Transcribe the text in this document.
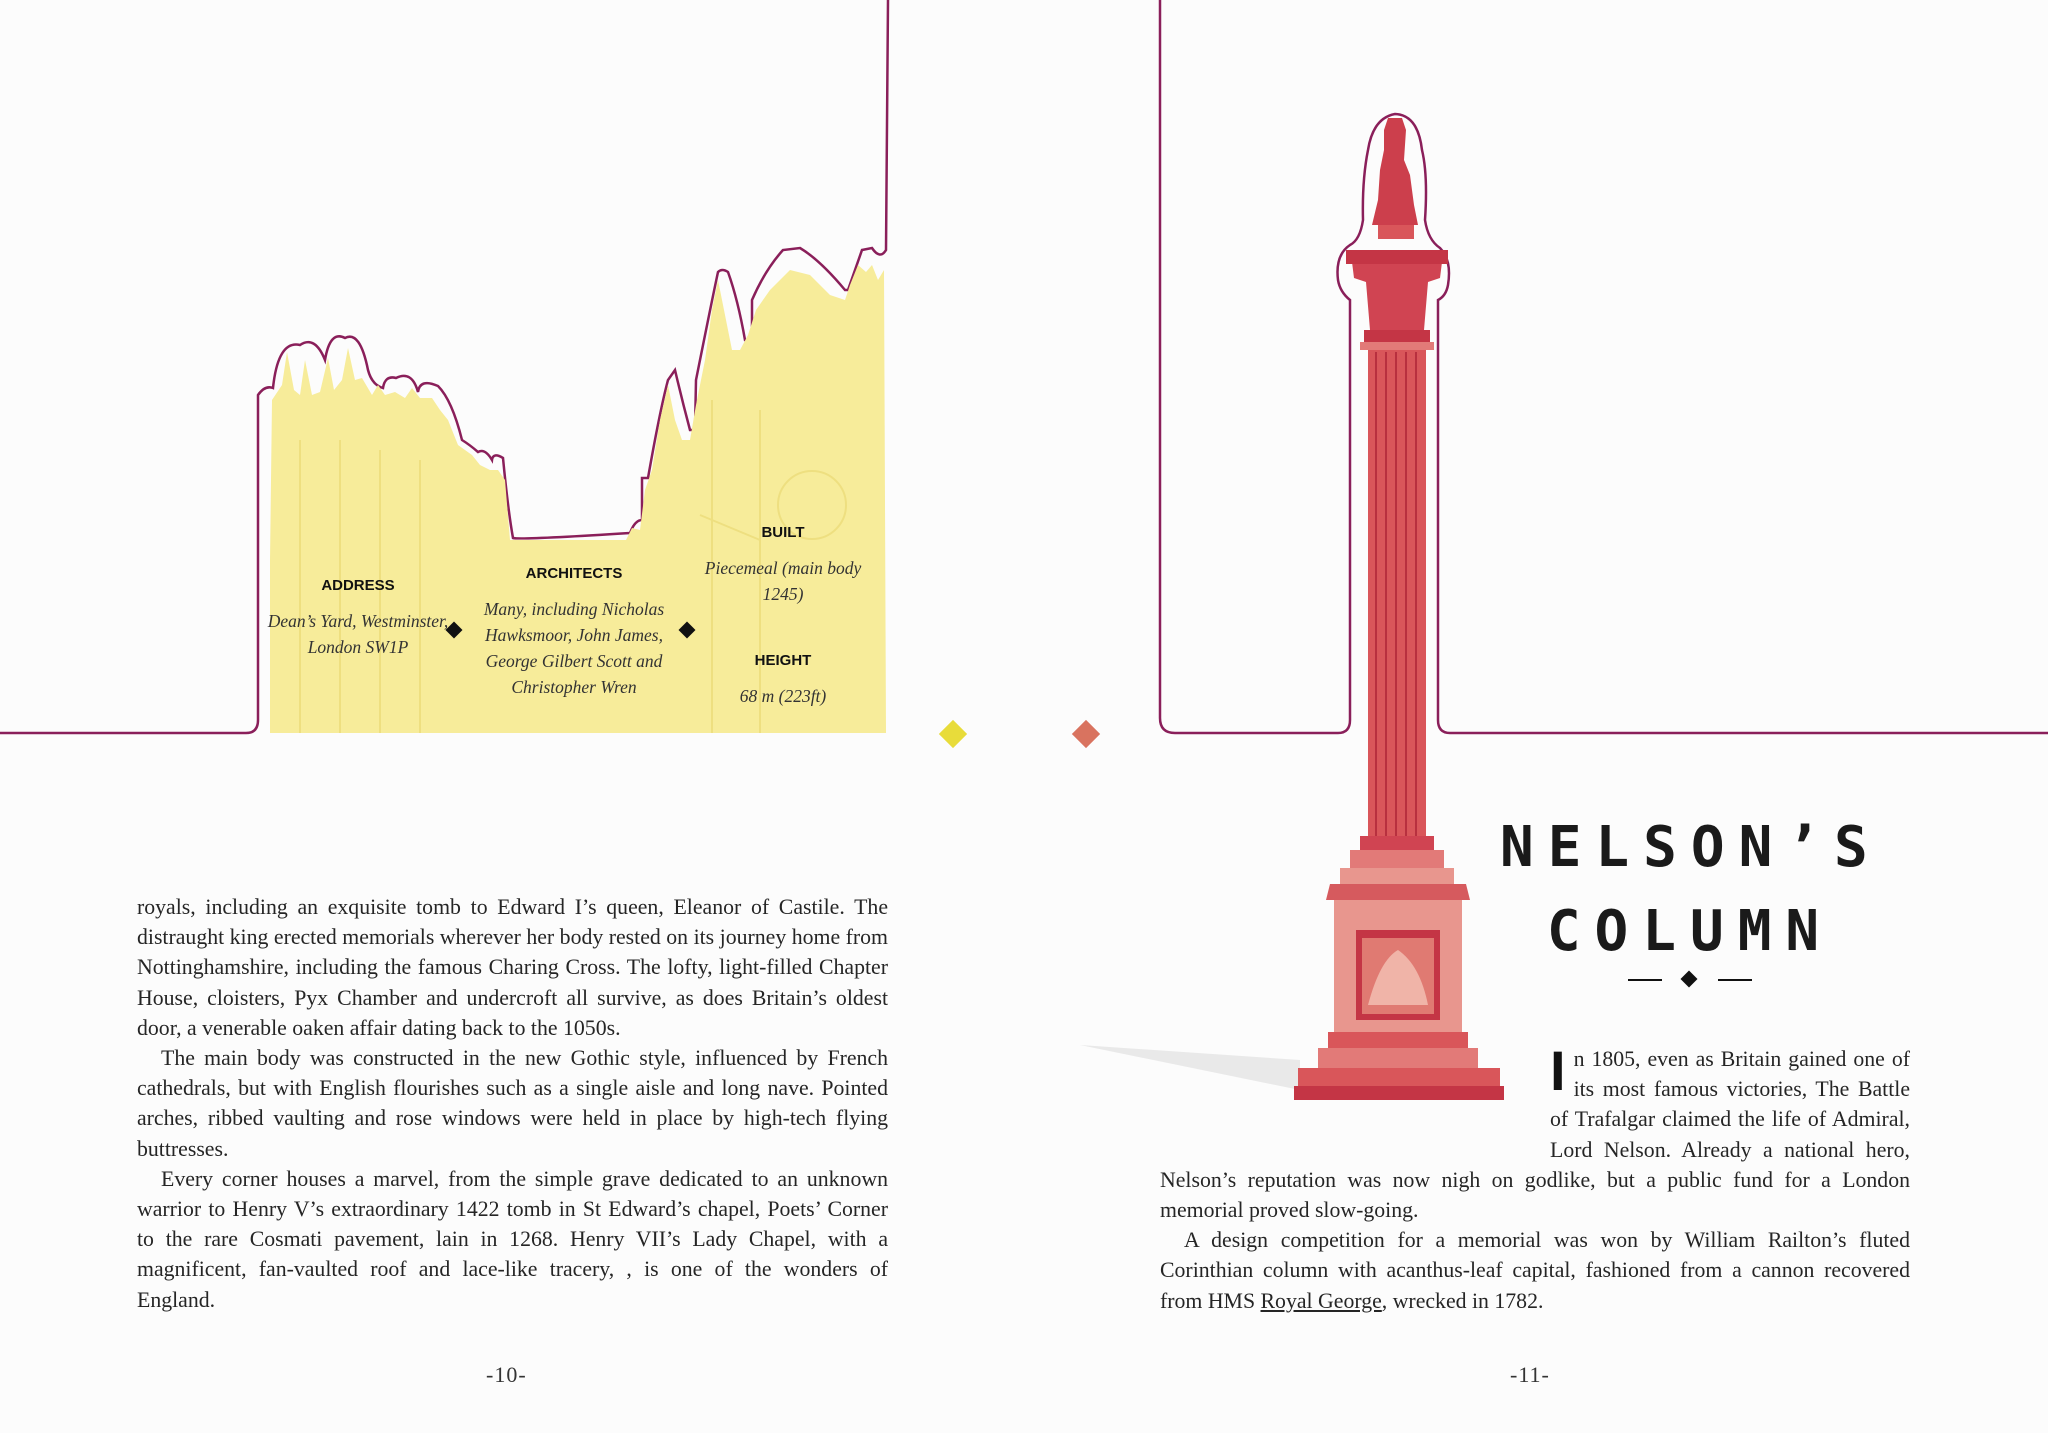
ADDRESS
Dean’s Yard, Westminster, London SW1P
ARCHITECTS
Many, including Nicholas Hawksmoor, John James, George Gilbert Scott and Christopher Wren
BUILT
Piecemeal (main body 1245)
HEIGHT
68 m (223ft)

royals, including an exquisite tomb to Edward I’s queen, Eleanor of Castile. The distraught king erected memorials wherever her body rested on its journey home from Nottinghamshire, including the famous Charing Cross. The lofty, light-filled Chapter House, cloisters, Pyx Chamber and undercroft all survive, as does Britain’s oldest door, a venerable oaken affair dating back to the 1050s.

The main body was constructed in the new Gothic style, influenced by French cathedrals, but with English flourishes such as a single aisle and long nave. Pointed arches, ribbed vaulting and rose windows were held in place by high-tech flying buttresses.

Every corner houses a marvel, from the simple grave dedicated to an unknown warrior to Henry V’s extraordinary 1422 tomb in St Edward’s chapel, Poets’ Corner to the rare Cosmati pavement, lain in 1268. Henry VII’s Lady Chapel, with a magnificent, fan-vaulted roof and lace-like tracery, , is one of the wonders of England.

-10-
NELSON’S
COLUMN

In 1805, even as Britain gained one of its most famous victories, The Battle of Trafalgar claimed the life of Admiral, Lord Nelson. Already a national hero, Nelson’s reputation was now nigh on godlike, but a public fund for a London memorial proved slow-going.

A design competition for a memorial was won by William Railton’s fluted Corinthian column with acanthus-leaf capital, fashioned from a cannon recovered from HMS Royal George, wrecked in 1782.

-11-
